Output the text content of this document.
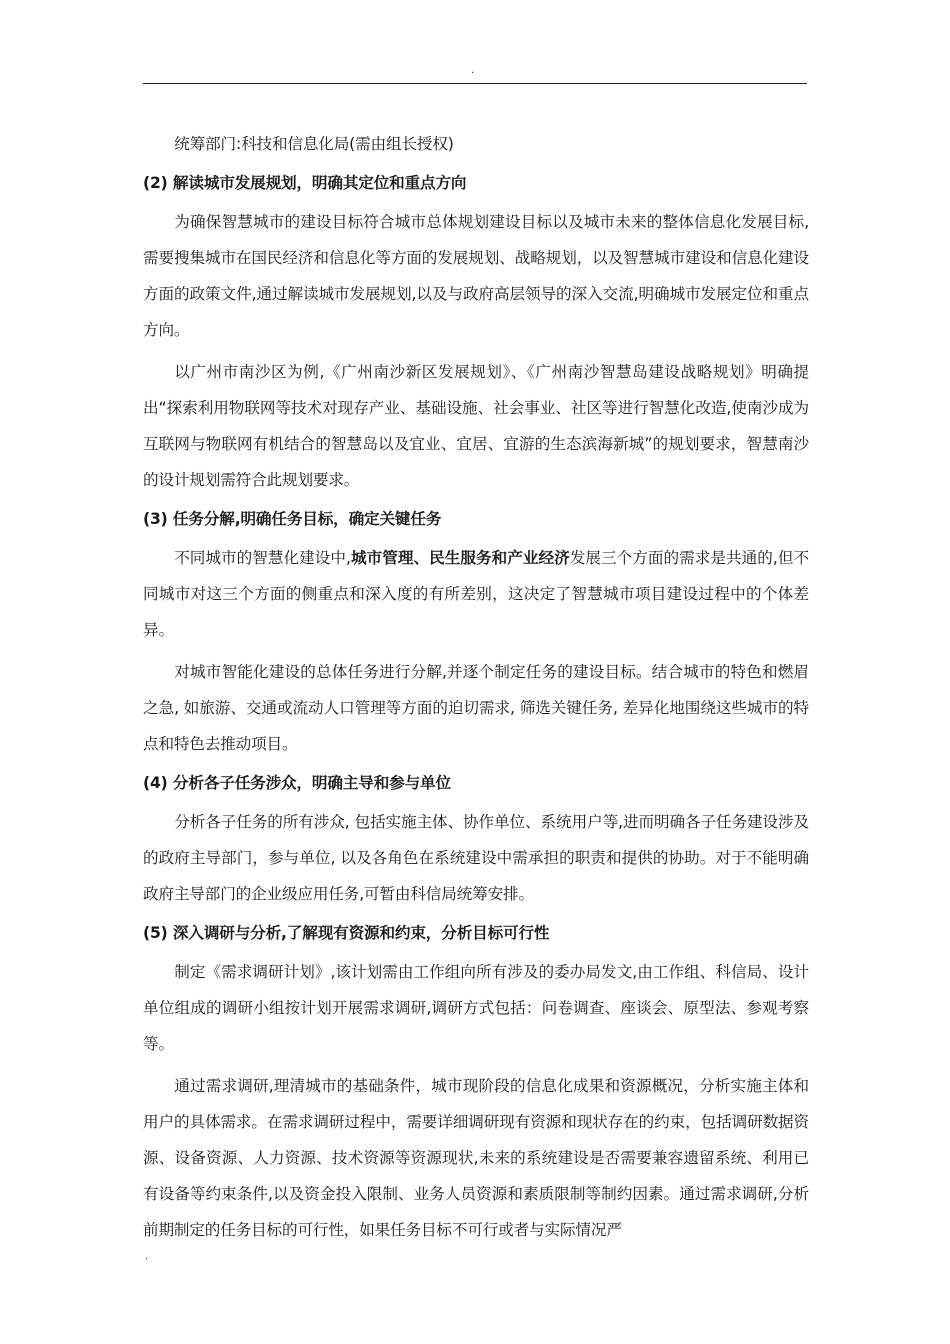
.

统筹部门:科技和信息化局(需由组长授权)

(2) 解读城市发展规划，明确其定位和重点方向

为确保智慧城市的建设目标符合城市总体规划建设目标以及城市未来的整体信息化发展目标,需要搜集城市在国民经济和信息化等方面的发展规划、战略规划，以及智慧城市建设和信息化建设方面的政策文件,通过解读城市发展规划,以及与政府高层领导的深入交流,明确城市发展定位和重点方向。

以广州市南沙区为例,《广州南沙新区发展规划》、《广州南沙智慧岛建设战略规划》明确提出“探索利用物联网等技术对现存产业、基础设施、社会事业、社区等进行智慧化改造,使南沙成为互联网与物联网有机结合的智慧岛以及宜业、宜居、宜游的生态滨海新城”的规划要求，智慧南沙的设计规划需符合此规划要求。

(3) 任务分解,明确任务目标，确定关键任务

不同城市的智慧化建设中,城市管理、民生服务和产业经济发展三个方面的需求是共通的,但不同城市对这三个方面的侧重点和深入度的有所差别，这决定了智慧城市项目建设过程中的个体差异。

对城市智能化建设的总体任务进行分解,并逐个制定任务的建设目标。结合城市的特色和燃眉之急, 如旅游、交通或流动人口管理等方面的迫切需求, 筛选关键任务, 差异化地围绕这些城市的特点和特色去推动项目。

(4) 分析各子任务涉众，明确主导和参与单位

分析各子任务的所有涉众, 包括实施主体、协作单位、系统用户等,进而明确各子任务建设涉及的政府主导部门，参与单位, 以及各角色在系统建设中需承担的职责和提供的协助。对于不能明确政府主导部门的企业级应用任务,可暂由科信局统筹安排。

(5) 深入调研与分析,了解现有资源和约束，分析目标可行性

制定《需求调研计划》,该计划需由工作组向所有涉及的委办局发文,由工作组、科信局、设计单位组成的调研小组按计划开展需求调研,调研方式包括：问卷调查、座谈会、原型法、参观考察等。

通过需求调研,理清城市的基础条件，城市现阶段的信息化成果和资源概况，分析实施主体和用户的具体需求。在需求调研过程中，需要详细调研现有资源和现状存在的约束，包括调研数据资源、设备资源、人力资源、技术资源等资源现状,未来的系统建设是否需要兼容遗留系统、利用已有设备等约束条件,以及资金投入限制、业务人员资源和素质限制等制约因素。通过需求调研,分析前期制定的任务目标的可行性，如果任务目标不可行或者与实际情况严

.
